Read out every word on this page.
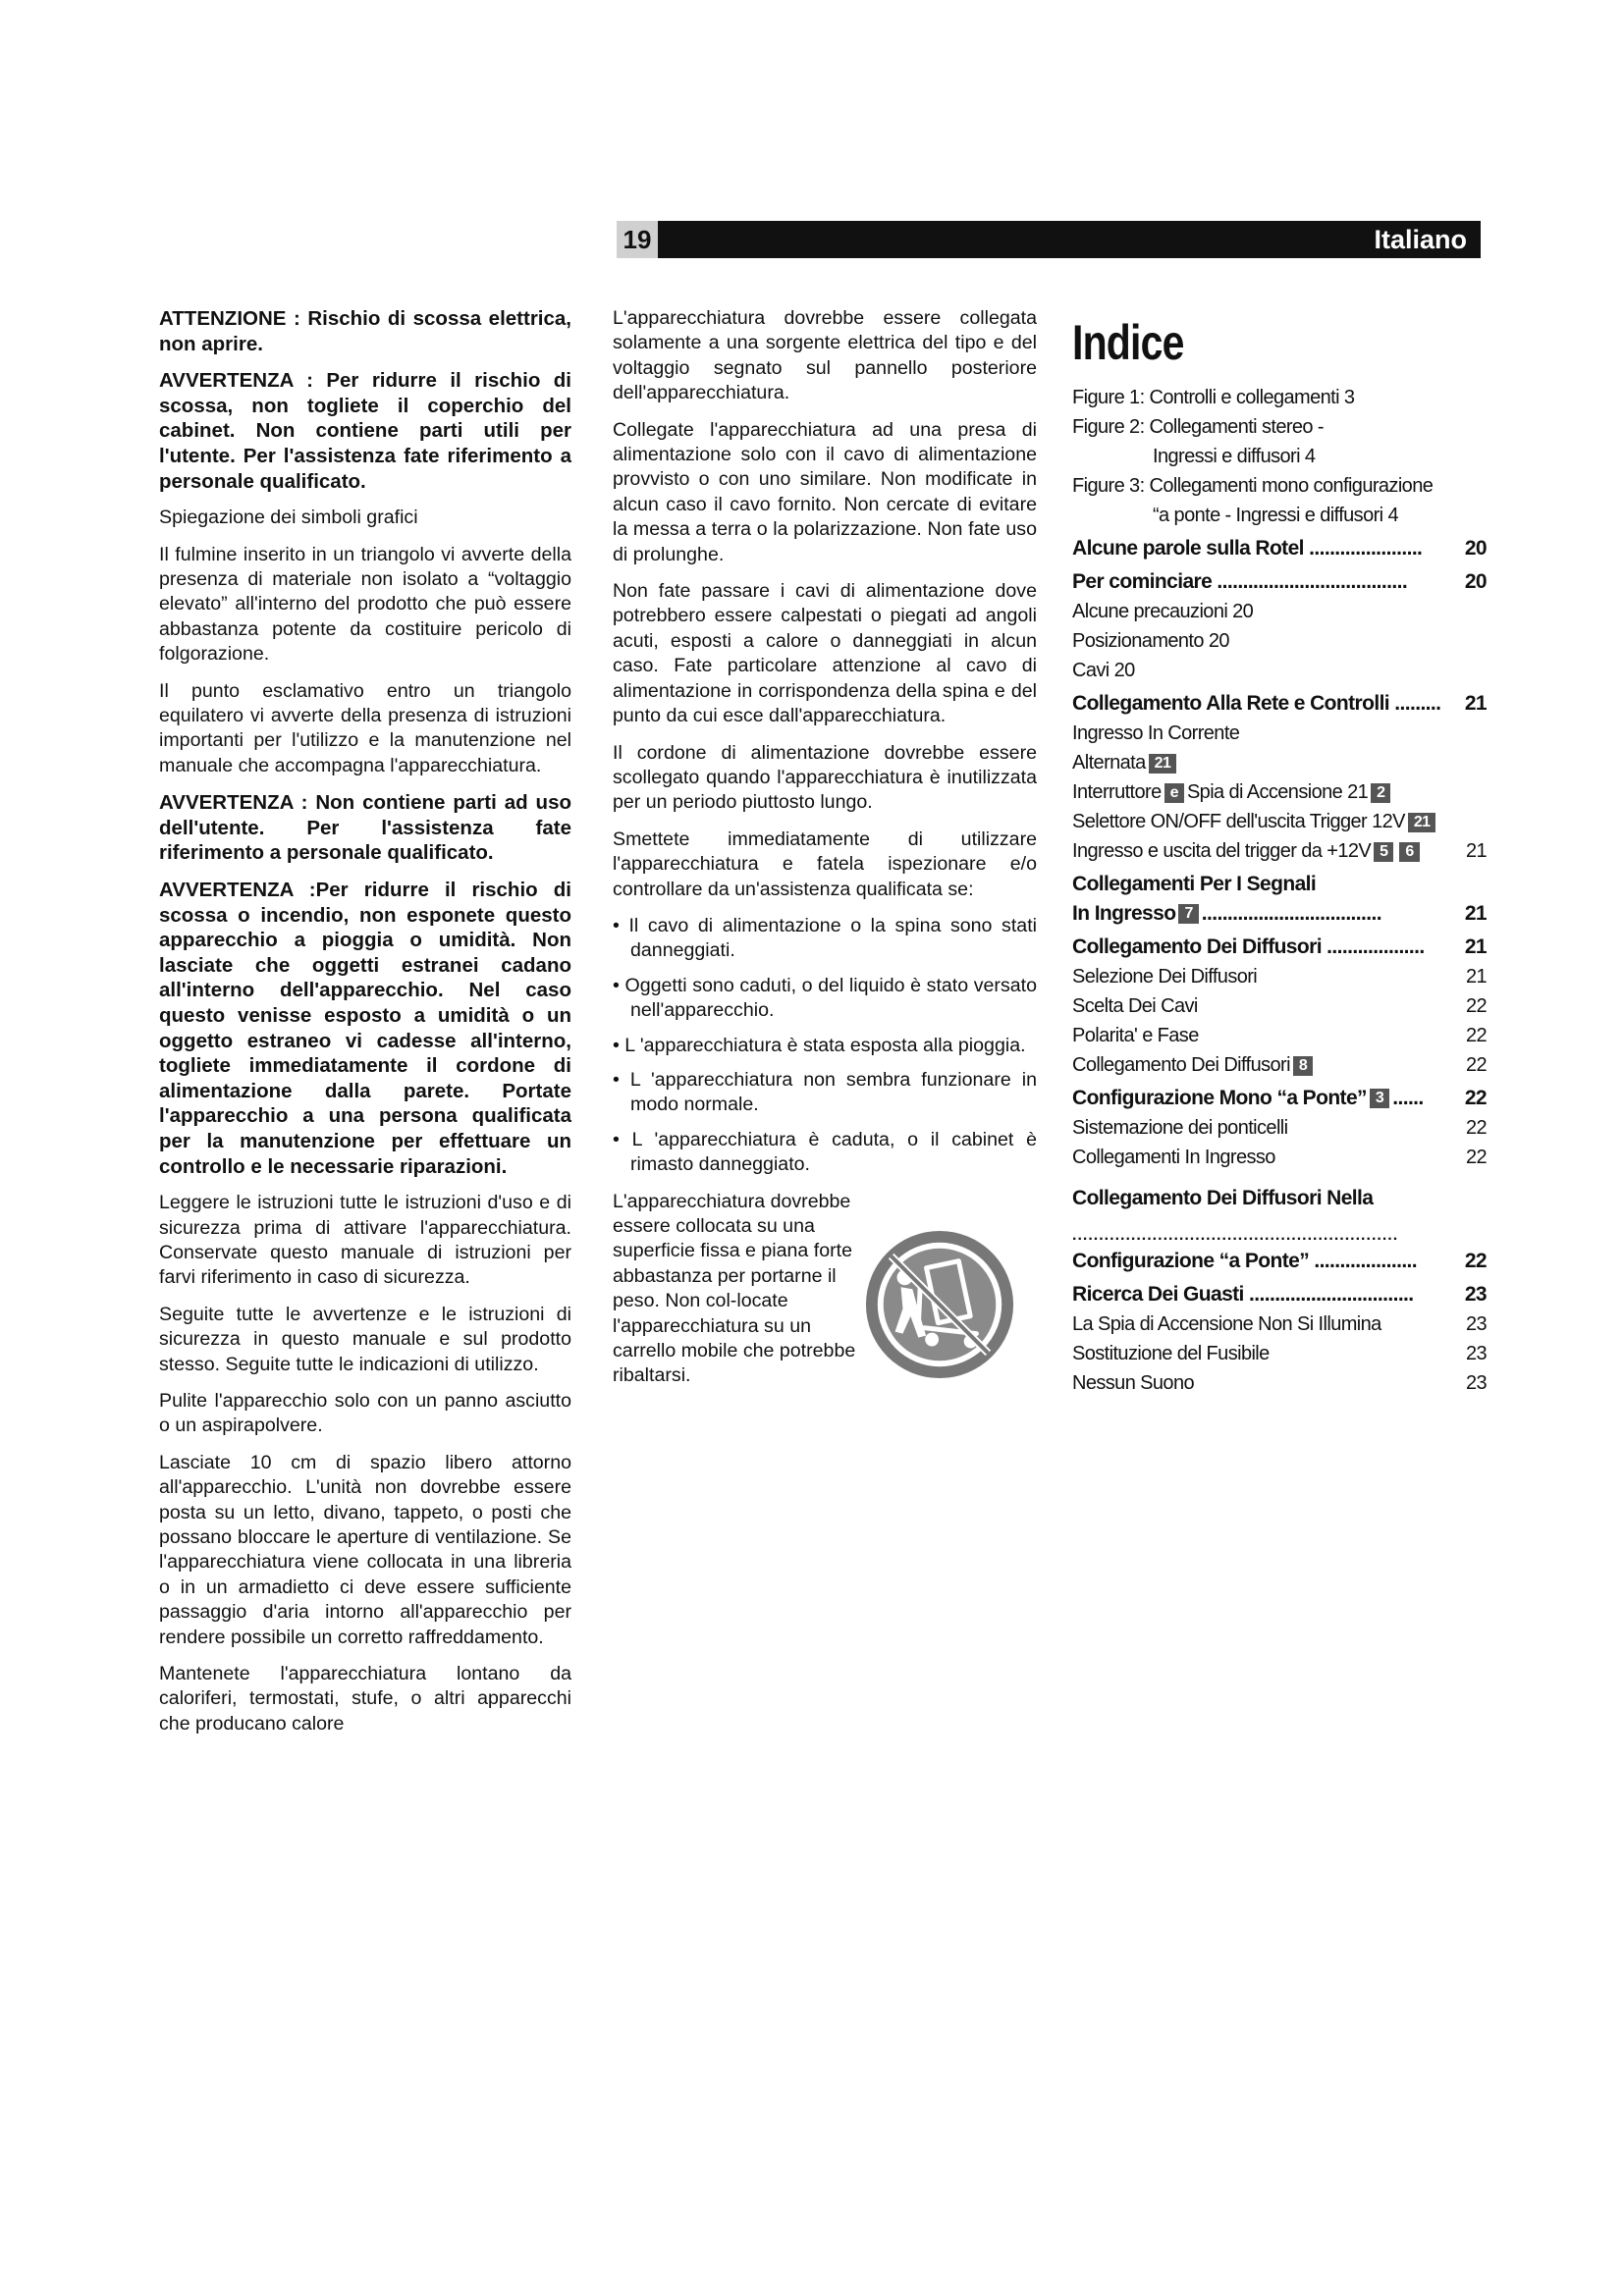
19	Italiano

ATTENZIONE : Rischio di scossa elettrica, non aprire.

AVVERTENZA : Per ridurre il rischio di scossa, non togliete il coperchio del cabinet. Non contiene parti utili per l'utente. Per l'assistenza fate riferimento a personale qualificato.

Spiegazione dei simboli grafici

Il fulmine inserito in un triangolo vi avverte della presenza di materiale non isolato a “voltaggio elevato” all'interno del prodotto che può essere abbastanza potente da costituire pericolo di folgorazione.

Il punto esclamativo entro un triangolo equilatero vi avverte della presenza di istruzioni importanti per l'utilizzo e la manutenzione nel manuale che accompagna l'apparecchiatura.

AVVERTENZA : Non contiene parti ad uso dell'utente. Per l'assistenza fate riferimento a personale qualificato.

AVVERTENZA :Per ridurre il rischio di scossa o incendio, non esponete questo apparecchio a pioggia o umidità. Non lasciate che oggetti estranei cadano all'interno dell'apparecchio. Nel caso questo venisse esposto a umidità o un oggetto estraneo vi cadesse all'interno, togliete immediatamente il cordone di alimentazione dalla parete. Portate l'apparecchio a una persona qualificata per la manutenzione per effettuare un controllo e le necessarie riparazioni.

Leggere le istruzioni tutte le istruzioni d'uso e di sicurezza prima di attivare l'apparecchiatura. Conservate questo manuale di istruzioni per farvi riferimento in caso di sicurezza.

Seguite tutte le avvertenze e le istruzioni di sicurezza in questo manuale e sul prodotto stesso. Seguite tutte le indicazioni di utilizzo.

Pulite l'apparecchio solo con un panno asciutto o un aspirapolvere.

Lasciate 10 cm di spazio libero attorno all'apparecchio. L'unità non dovrebbe essere posta su un letto, divano, tappeto, o posti che possano bloccare le aperture di ventilazione. Se l'apparecchiatura viene collocata in una libreria o in un armadietto ci deve essere sufficiente passaggio d'aria intorno all'apparecchio per rendere possibile un corretto raffreddamento.

Mantenete l'apparecchiatura lontano da caloriferi, termostati, stufe, o altri apparecchi che producano calore

L'apparecchiatura dovrebbe essere collegata solamente a una sorgente elettrica del tipo e del voltaggio segnato sul pannello posteriore dell'apparecchiatura.

Collegate l'apparecchiatura ad una presa di alimentazione solo con il cavo di alimentazione provvisto o con uno similare. Non modificate in alcun caso il cavo fornito. Non cercate di evitare la messa a terra o la polarizzazione. Non fate uso di prolunghe.

Non fate passare i cavi di alimentazione dove potrebbero essere calpestati o piegati ad angoli acuti, esposti a calore o danneggiati in alcun caso. Fate particolare attenzione al cavo di alimentazione in corrispondenza della spina e del punto da cui esce dall'apparecchiatura.

Il cordone di alimentazione dovrebbe essere scollegato quando l'apparecchiatura è inutilizzata per un periodo piuttosto lungo.

Smettete immediatamente di utilizzare l'apparecchiatura e fatela ispezionare e/o controllare da un'assistenza qualificata se:

• Il cavo di alimentazione o la spina sono stati danneggiati.
• Oggetti sono caduti, o del liquido è stato versato nell'apparecchio.
• L 'apparecchiatura è stata esposta alla pioggia.
• L 'apparecchiatura non sembra funzionare in modo normale.
• L 'apparecchiatura è caduta, o il cabinet è rimasto danneggiato.

L'apparecchiatura dovrebbe essere collocata su una superficie fissa e piana forte abbastanza per portarne il peso. Non col-locate l'apparecchiatura su un carrello mobile che potrebbe ribaltarsi.

Indice
Figure 1: Controlli e collegamenti 3
Figure 2: Collegamenti stereo -
Ingressi e diffusori 4
Figure 3: Collegamenti mono configurazione
“a ponte - Ingressi e diffusori 4
Alcune parole sulla Rotel ...................... 20
Per cominciare .....................................	20
Alcune precauzioni 20
Posizionamento 20
Cavi 20
Collegamento Alla Rete e Controlli ......... 21
Ingresso In Corrente
Alternata 21
Interruttore e Spia di Accensione 21 2
Selettore ON/OFF dell'uscita Trigger 12V 21
Ingresso e uscita del trigger da +12V 5 6	21
Collegamenti Per I Segnali
In Ingresso 7 ...................................	21
Collegamento Dei Diffusori ................... 21
Selezione Dei Diffusori	21
Scelta Dei Cavi	22
Polarita' e Fase	22
Collegamento Dei Diffusori 8	22
Configurazione Mono “a Ponte” 3 ...... 22
Sistemazione dei ponticelli	22
Collegamenti In Ingresso	22
Collegamento Dei Diffusori Nella
.............................................................
Configurazione “a Ponte” .................... 22
Ricerca Dei Guasti ................................ 23
La Spia di Accensione Non Si Illumina	23
Sostituzione del Fusibile	23
Nessun Suono	23
